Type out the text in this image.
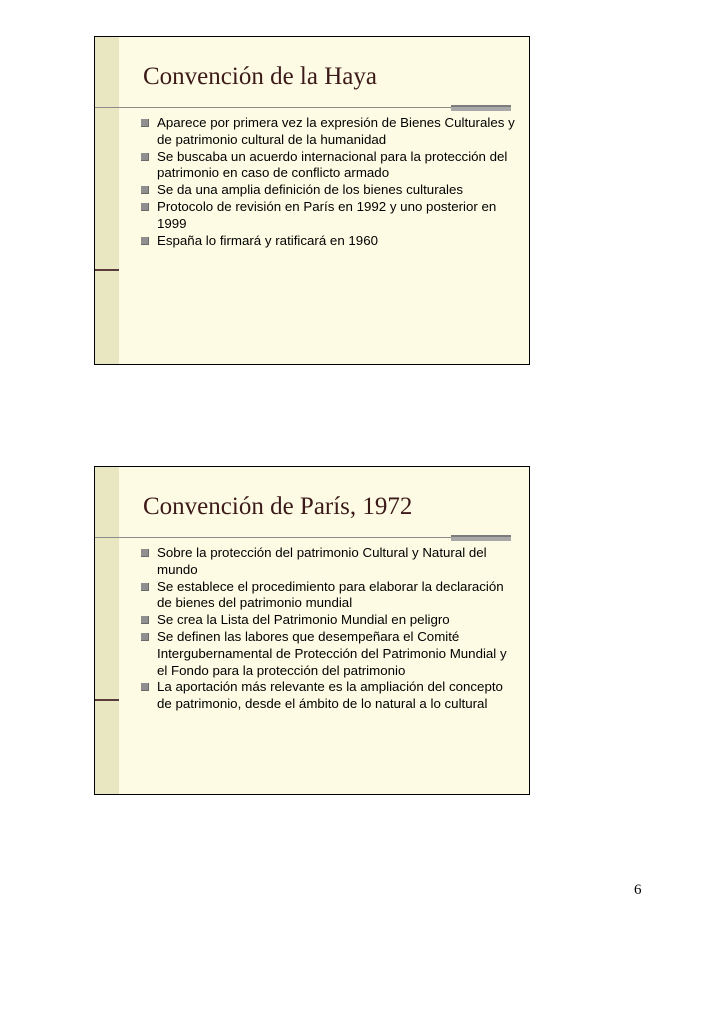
Convención de la Haya
Aparece por primera vez la expresión de Bienes Culturales y de patrimonio cultural de la humanidad
Se buscaba un acuerdo internacional para la protección del patrimonio en caso de conflicto armado
Se da una amplia definición de los bienes culturales
Protocolo de revisión en París en 1992 y uno posterior en 1999
España lo firmará y ratificará en 1960
Convención de París, 1972
Sobre la protección del patrimonio Cultural y Natural del mundo
Se establece el procedimiento para elaborar la declaración de bienes del patrimonio mundial
Se crea la Lista del Patrimonio Mundial en peligro
Se definen las labores que desempeñara el Comité Intergubernamental de Protección del Patrimonio Mundial y el Fondo para la protección del patrimonio
La aportación más relevante es la ampliación del concepto de patrimonio, desde el ámbito de lo natural a lo cultural
6
